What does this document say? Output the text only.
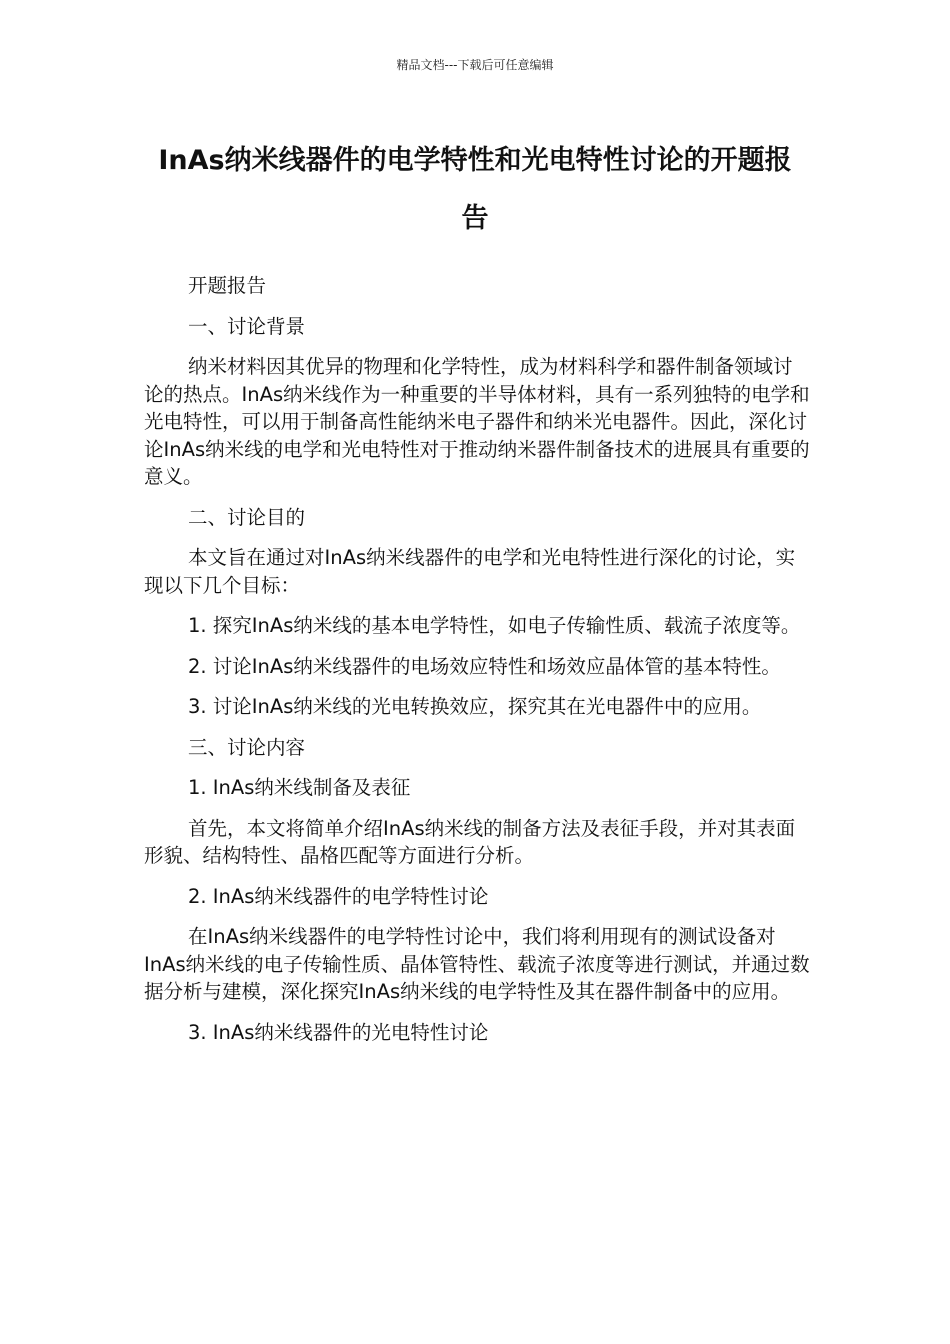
精品文档---下载后可任意编辑
InAs纳米线器件的电学特性和光电特性讨论的开题报告

开题报告

一、讨论背景

纳米材料因其优异的物理和化学特性，成为材料科学和器件制备领域讨论的热点。InAs纳米线作为一种重要的半导体材料，具有一系列独特的电学和光电特性，可以用于制备高性能纳米电子器件和纳米光电器件。因此，深化讨论InAs纳米线的电学和光电特性对于推动纳米器件制备技术的进展具有重要的意义。

二、讨论目的

本文旨在通过对InAs纳米线器件的电学和光电特性进行深化的讨论，实现以下几个目标：

1. 探究InAs纳米线的基本电学特性，如电子传输性质、载流子浓度等。

2. 讨论InAs纳米线器件的电场效应特性和场效应晶体管的基本特性。

3. 讨论InAs纳米线的光电转换效应，探究其在光电器件中的应用。

三、讨论内容

1. InAs纳米线制备及表征

首先，本文将简单介绍InAs纳米线的制备方法及表征手段，并对其表面形貌、结构特性、晶格匹配等方面进行分析。

2. InAs纳米线器件的电学特性讨论

在InAs纳米线器件的电学特性讨论中，我们将利用现有的测试设备对InAs纳米线的电子传输性质、晶体管特性、载流子浓度等进行测试，并通过数据分析与建模，深化探究InAs纳米线的电学特性及其在器件制备中的应用。

3. InAs纳米线器件的光电特性讨论
